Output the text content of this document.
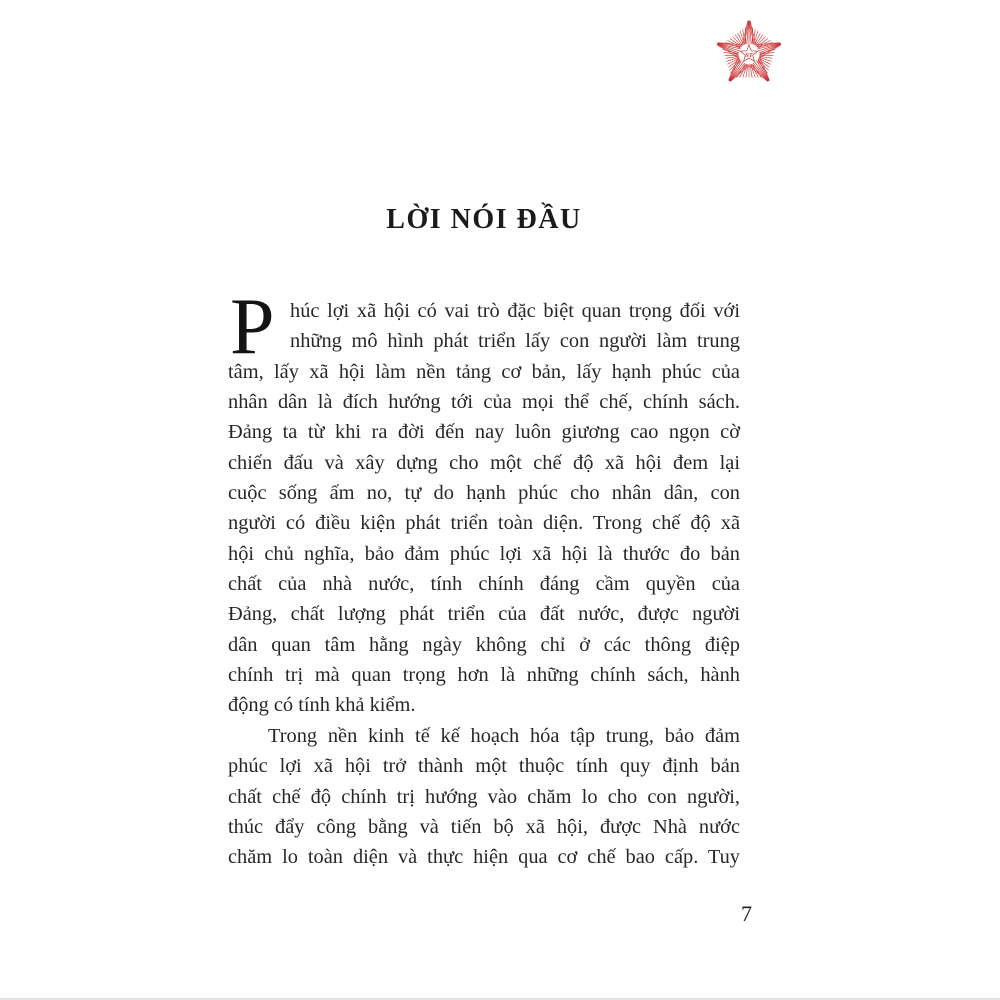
ST
LỜI NÓI ĐẦU
P húc lợi xã hội có vai trò đặc biệt quan trọng đối với
những mô hình phát triển lấy con người làm trung
tâm, lấy xã hội làm nền tảng cơ bản, lấy hạnh phúc của
nhân dân là đích hướng tới của mọi thể chế, chính sách.
Đảng ta từ khi ra đời đến nay luôn giương cao ngọn cờ
chiến đấu và xây dựng cho một chế độ xã hội đem lại
cuộc sống ấm no, tự do hạnh phúc cho nhân dân, con
người có điều kiện phát triển toàn diện. Trong chế độ xã
hội chủ nghĩa, bảo đảm phúc lợi xã hội là thước đo bản
chất của nhà nước, tính chính đáng cầm quyền của
Đảng, chất lượng phát triển của đất nước, được người
dân quan tâm hằng ngày không chỉ ở các thông điệp
chính trị mà quan trọng hơn là những chính sách, hành
động có tính khả kiểm.
Trong nền kinh tế kế hoạch hóa tập trung, bảo đảm
phúc lợi xã hội trở thành một thuộc tính quy định bản
chất chế độ chính trị hướng vào chăm lo cho con người,
thúc đẩy công bằng và tiến bộ xã hội, được Nhà nước
chăm lo toàn diện và thực hiện qua cơ chế bao cấp. Tuy
7
